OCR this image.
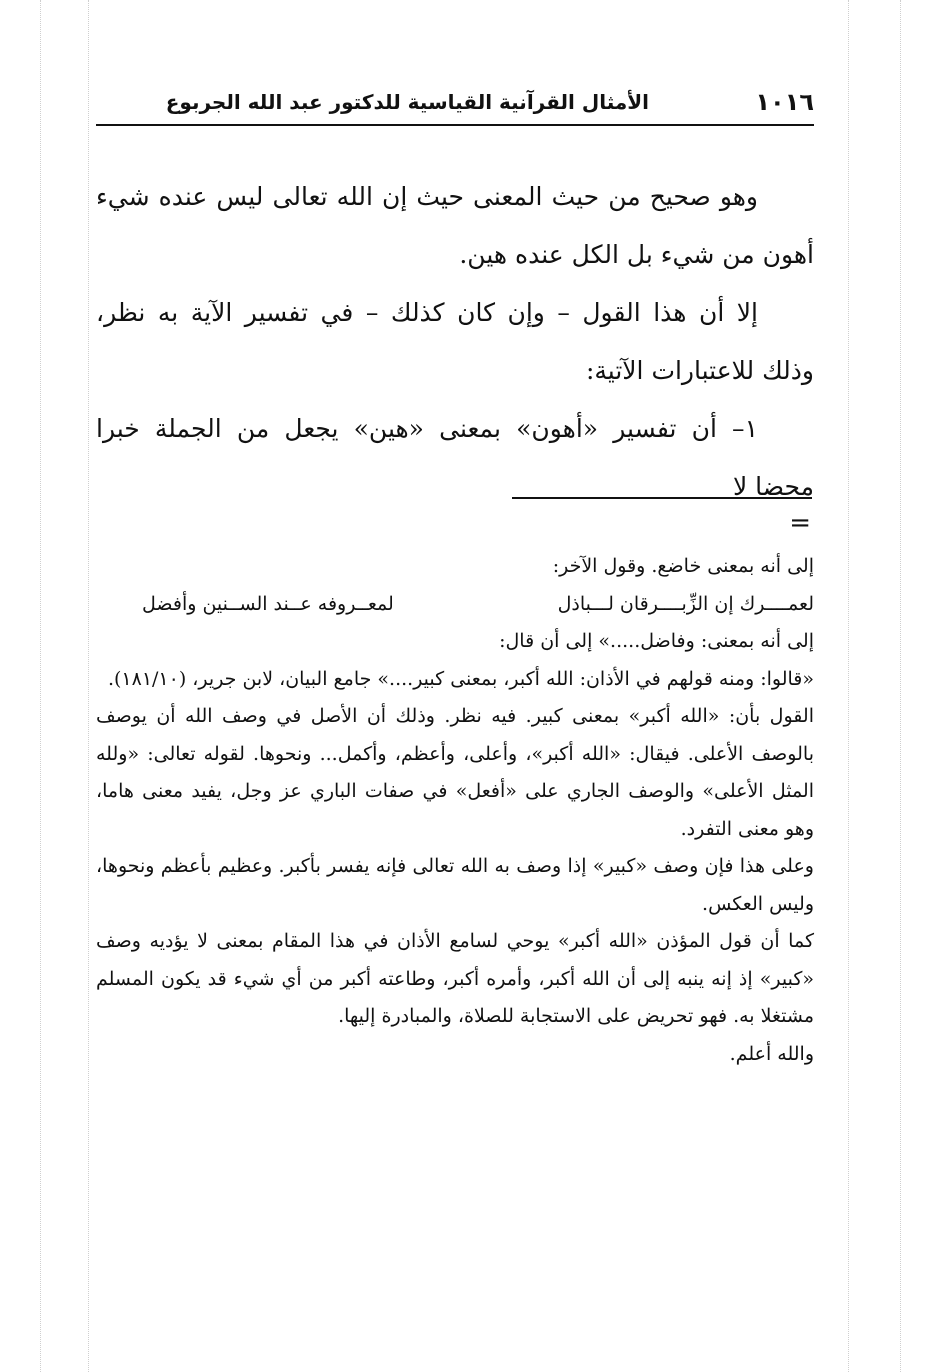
١٠١٦
الأمثال القرآنية القياسية للدكتور عبد الله الجربوع

وهو صحيح من حيث المعنى حيث إن الله تعالى ليس عنده شيء أهون من شيء بل الكل عنده هين.

إلا أن هذا القول – وإن كان كذلك – في تفسير الآية به نظر، وذلك للاعتبارات الآتية:

١– أن تفسير «أهون» بمعنى «هين» يجعل من الجملة خبرا محضا لا

=

إلى أنه بمعنى خاضع. وقول الآخر:

لعمــــرك إن الزِّبــــرقان لـــباذل
لمعــروفه عــند الســنين وأفضل

إلى أنه بمعنى: وفاضل.....» إلى أن قال:

«قالوا: ومنه قولهم في الأذان: الله أكبر، بمعنى كبير....» جامع البيان، لابن جرير، (١٨١/١٠).

القول بأن: «الله أكبر» بمعنى كبير. فيه نظر. وذلك أن الأصل في وصف الله أن يوصف بالوصف الأعلى. فيقال: «الله أكبر»، وأعلى، وأعظم، وأكمل... ونحوها. لقوله تعالى: «ولله المثل الأعلى» والوصف الجاري على «أفعل» في صفات الباري عز وجل، يفيد معنى هاما، وهو معنى التفرد.

وعلى هذا فإن وصف «كبير» إذا وصف به الله تعالى فإنه يفسر بأكبر. وعظيم بأعظم ونحوها، وليس العكس.

كما أن قول المؤذن «الله أكبر» يوحي لسامع الأذان في هذا المقام بمعنى لا يؤديه وصف «كبير» إذ إنه ينبه إلى أن الله أكبر، وأمره أكبر، وطاعته أكبر من أي شيء قد يكون المسلم مشتغلا به. فهو تحريض على الاستجابة للصلاة، والمبادرة إليها.

والله أعلم.
